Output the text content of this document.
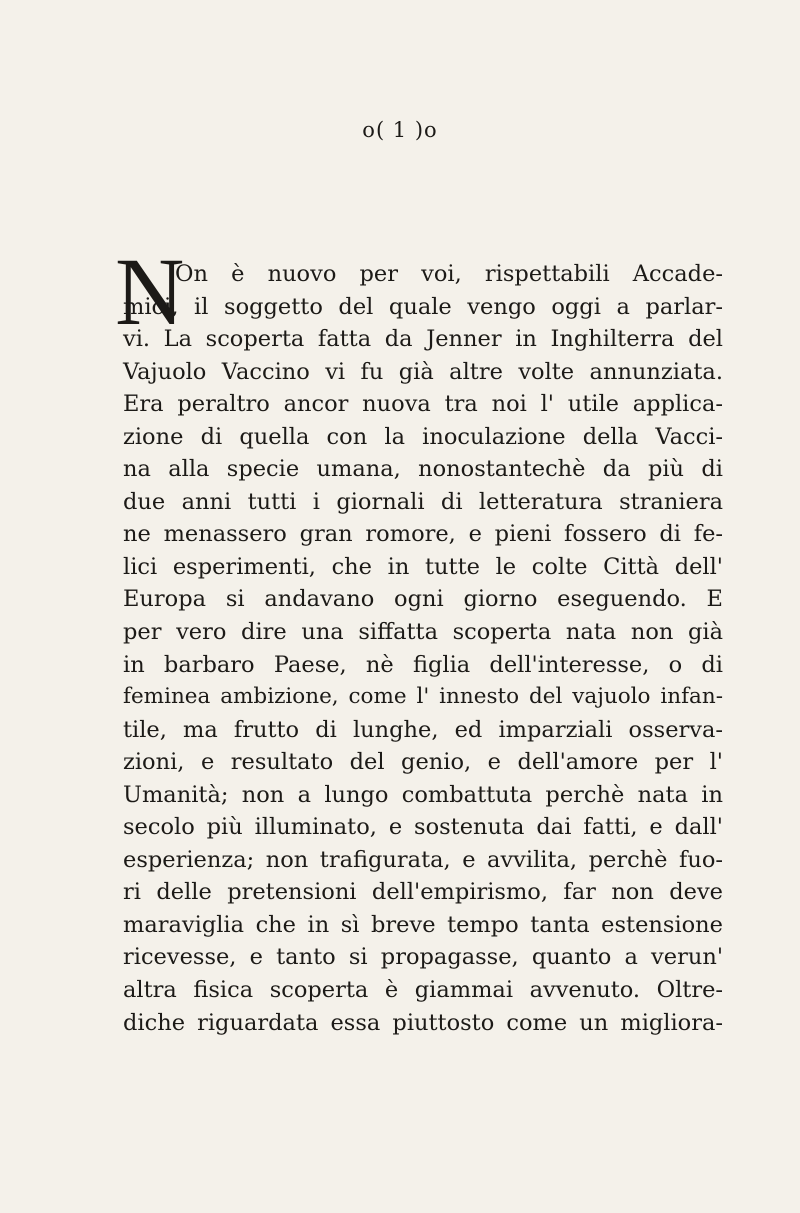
o( 1 )o
N
On è nuovo per voi, rispettabili Accade-
mici, il soggetto del quale vengo oggi a parlar-
vi. La scoperta fatta da Jenner in Inghilterra del
Vajuolo Vaccino vi fu già altre volte annunziata.
Era peraltro ancor nuova tra noi l' utile applica-
zione di quella con la inoculazione della Vacci-
na alla specie umana, nonostantechè da più di
due anni tutti i giornali di letteratura straniera
ne menassero gran romore, e pieni fossero di fe-
lici esperimenti, che in tutte le colte Città dell'
Europa si andavano ogni giorno eseguendo. E
per vero dire una siffatta scoperta nata non già
in barbaro Paese, nè figlia dell'interesse, o di
feminea ambizione, come l' innesto del vajuolo infan-
tile, ma frutto di lunghe, ed imparziali osserva-
zioni, e resultato del genio, e dell'amore per l'
Umanità; non a lungo combattuta perchè nata in
secolo più illuminato, e sostenuta dai fatti, e dall'
esperienza; non trafigurata, e avvilita, perchè fuo-
ri delle pretensioni dell'empirismo, far non deve
maraviglia che in sì breve tempo tanta estensione
ricevesse, e tanto si propagasse, quanto a verun'
altra fisica scoperta è giammai avvenuto. Oltre-
diche riguardata essa piuttosto come un migliora-
